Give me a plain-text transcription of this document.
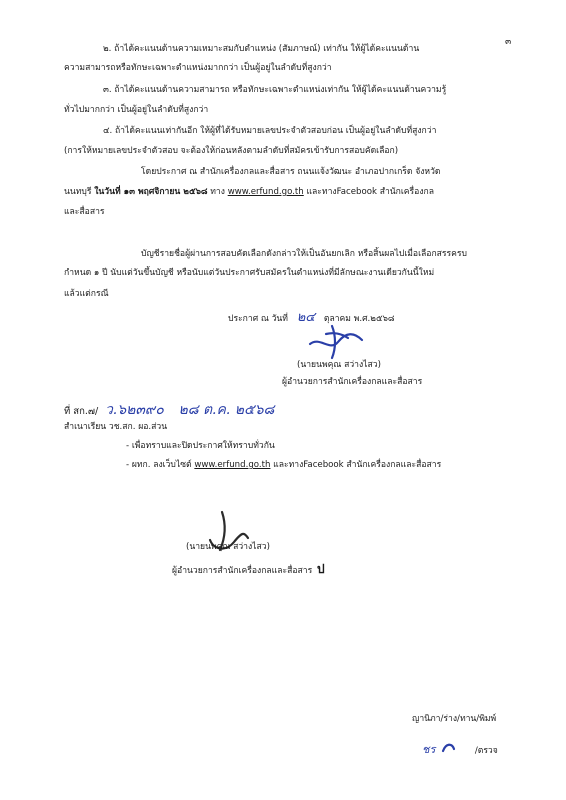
๓
๒. ถ้าได้คะแนนด้านความเหมาะสมกับตำแหน่ง (สัมภาษณ์) เท่ากัน ให้ผู้ได้คะแนนด้าน
ความสามารถหรือทักษะเฉพาะตำแหน่งมากกว่า เป็นผู้อยู่ในลำดับที่สูงกว่า
๓. ถ้าได้คะแนนด้านความสามารถ หรือทักษะเฉพาะตำแหน่งเท่ากัน ให้ผู้ได้คะแนนด้านความรู้
ทั่วไปมากกว่า เป็นผู้อยู่ในลำดับที่สูงกว่า
๔. ถ้าได้คะแนนเท่ากันอีก ให้ผู้ที่ได้รับหมายเลขประจำตัวสอบก่อน เป็นผู้อยู่ในลำดับที่สูงกว่า
(การให้หมายเลขประจำตัวสอบ จะต้องให้ก่อนหลังตามลำดับที่สมัครเข้ารับการสอบคัดเลือก)
โดยประกาศ ณ สำนักเครื่องกลและสื่อสาร ถนนแจ้งวัฒนะ อำเภอปากเกร็ด จังหวัด
นนทบุรี ในวันที่ ๑๓ พฤศจิกายน ๒๕๖๘ ทาง www.erfund.go.th และทางFacebook สำนักเครื่องกล
และสื่อสาร
บัญชีรายชื่อผู้ผ่านการสอบคัดเลือกดังกล่าวให้เป็นอันยกเลิก หรือสิ้นผลไปเมื่อเลือกสรรครบ
กำหนด ๑ ปี นับแต่วันขึ้นบัญชี หรือนับแต่วันประกาศรับสมัครในตำแหน่งที่มีลักษณะงานเดียวกันนี้ใหม่
แล้วแต่กรณี
ประกาศ ณ วันที่ ๒๔ ตุลาคม พ.ศ.๒๕๖๘
(นายนพคุณ สว่างไสว)
ผู้อำนวยการสำนักเครื่องกลและสื่อสาร
ที่ สก.๗/ ว.๖๒๓๙๐ ๒๘ ต.ค. ๒๕๖๘
สำเนาเรียน วช.สก. ผอ.ส่วน
- เพื่อทราบและปิดประกาศให้ทราบทั่วกัน
- ผทก. ลงเว็บไซต์ www.erfund.go.th และทางFacebook สำนักเครื่องกลและสื่อสาร
(นายนพคุณ สว่างไสว)
ผู้อำนวยการสำนักเครื่องกลและสื่อสาร ป
ญานิภา/ร่าง/ทาน/พิมพ์
ชร	/ตรวจ
